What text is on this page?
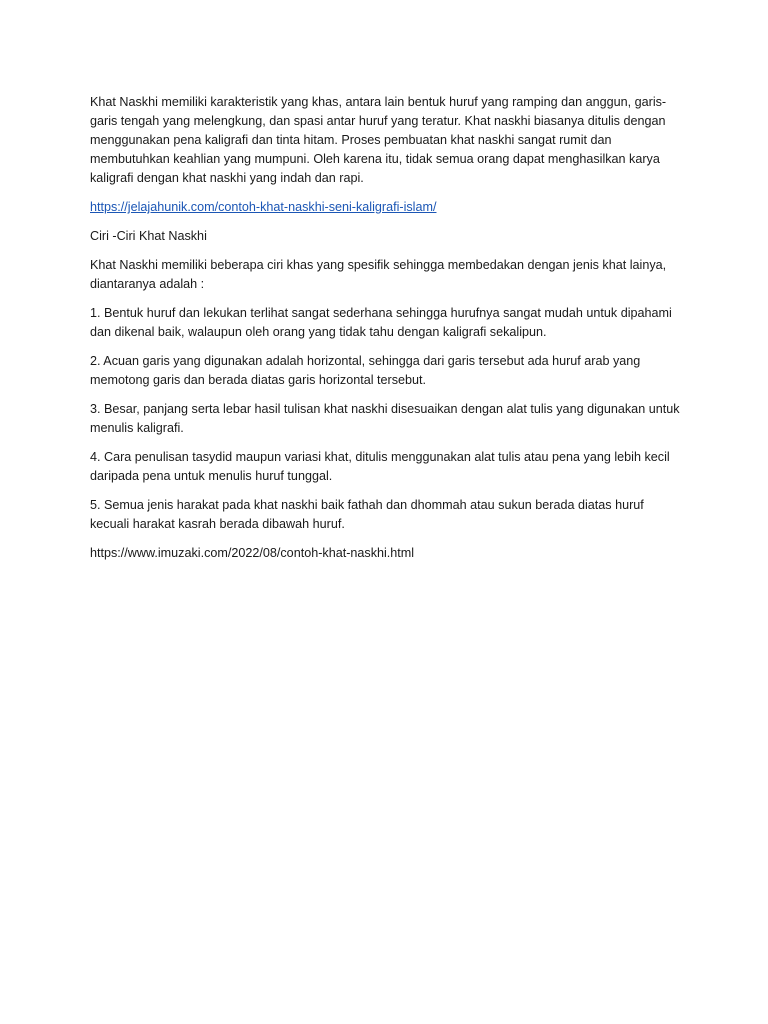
Khat Naskhi memiliki karakteristik yang khas, antara lain bentuk huruf yang ramping dan anggun, garis-garis tengah yang melengkung, dan spasi antar huruf yang teratur. Khat naskhi biasanya ditulis dengan menggunakan pena kaligrafi dan tinta hitam. Proses pembuatan khat naskhi sangat rumit dan membutuhkan keahlian yang mumpuni. Oleh karena itu, tidak semua orang dapat menghasilkan karya kaligrafi dengan khat naskhi yang indah dan rapi.

https://jelajahunik.com/contoh-khat-naskhi-seni-kaligrafi-islam/

Ciri -Ciri Khat Naskhi

Khat Naskhi memiliki beberapa ciri khas yang spesifik sehingga membedakan dengan jenis khat lainya, diantaranya adalah :

1. Bentuk huruf dan lekukan terlihat sangat sederhana sehingga hurufnya sangat mudah untuk dipahami dan dikenal baik, walaupun oleh orang yang tidak tahu dengan kaligrafi sekalipun.

2. Acuan garis yang digunakan adalah horizontal, sehingga dari garis tersebut ada huruf arab yang memotong garis dan berada diatas garis horizontal tersebut.

3. Besar, panjang serta lebar hasil tulisan khat naskhi disesuaikan dengan alat tulis yang digunakan untuk menulis kaligrafi.

4. Cara penulisan tasydid maupun variasi khat, ditulis menggunakan alat tulis atau pena yang lebih kecil daripada pena untuk menulis huruf tunggal.

5. Semua jenis harakat pada khat naskhi baik fathah dan dhommah atau sukun berada diatas huruf kecuali harakat kasrah berada dibawah huruf.

https://www.imuzaki.com/2022/08/contoh-khat-naskhi.html
